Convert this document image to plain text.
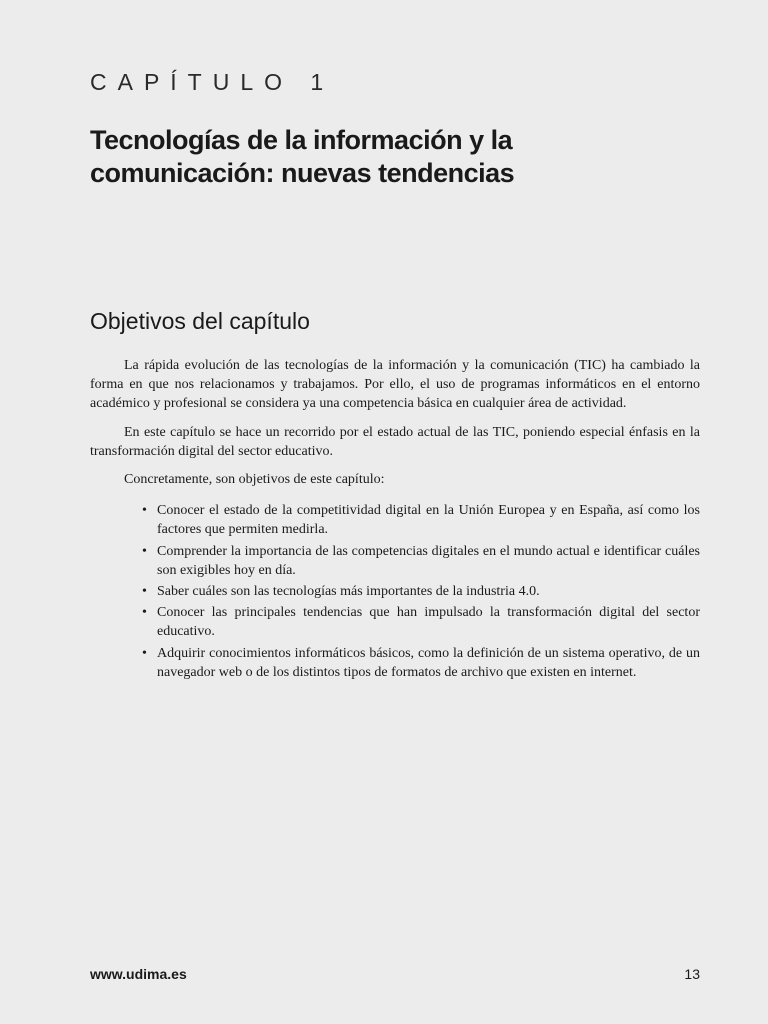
CAPÍTULO 1
Tecnologías de la información y la comunicación: nuevas tendencias
Objetivos del capítulo

La rápida evolución de las tecnologías de la información y la comunicación (TIC) ha cambiado la forma en que nos relacionamos y trabajamos. Por ello, el uso de programas informáticos en el entorno académico y profesional se considera ya una competencia básica en cualquier área de actividad.

En este capítulo se hace un recorrido por el estado actual de las TIC, poniendo especial énfasis en la transformación digital del sector educativo.

Concretamente, son objetivos de este capítulo:

• Conocer el estado de la competitividad digital en la Unión Europea y en España, así como los factores que permiten medirla.
• Comprender la importancia de las competencias digitales en el mundo actual e identificar cuáles son exigibles hoy en día.
• Saber cuáles son las tecnologías más importantes de la industria 4.0.
• Conocer las principales tendencias que han impulsado la transformación digital del sector educativo.
• Adquirir conocimientos informáticos básicos, como la definición de un sistema operativo, de un navegador web o de los distintos tipos de formatos de archivo que existen en internet.
www.udima.es	13
